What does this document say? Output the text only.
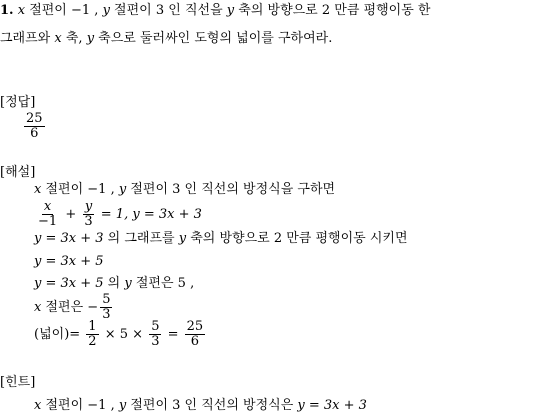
1. x 절편이 −1 , y 절편이 3 인 직선을 y 축의 방향으로 2 만큼 평행이동 한
그래프와 x 축, y 축으로 둘러싸인 도형의 넓이를 구하여라.
[정답]
$\frac{25}{6}$
[해설]
x 절편이 −1 , y 절편이 3 인 직선의 방정식을 구하면
$\frac{x}{-1} + \frac{y}{3} = 1$, y = 3x + 3
y = 3x + 3 의 그래프를 y 축의 방향으로 2 만큼 평행이동 시키면
y = 3x + 5
y = 3x + 5 의 y 절편은 5 ,
x 절편은 − $\frac{5}{3}$
(넓이)= $\frac{1}{2} \times 5 \times \frac{5}{3} = \frac{25}{6}$
[힌트]
x 절편이 −1 , y 절편이 3 인 직선의 방정식은 y = 3x + 3
